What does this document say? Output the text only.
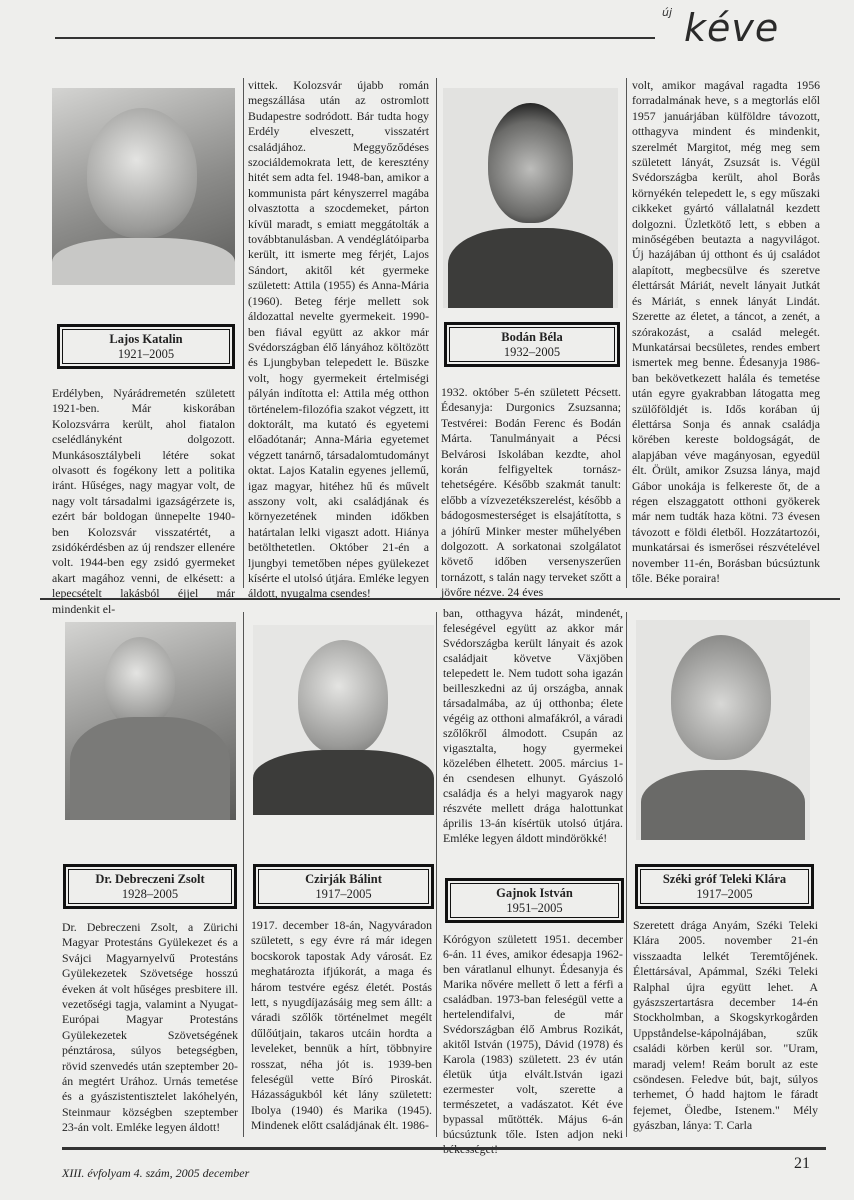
új kéve
Lajos Katalin
1921–2005
Erdélyben, Nyárádremetén született 1921-ben. Már kiskorában Kolozsvárra került, ahol fiatalon cselédlányként dolgozott. Munkásosztálybeli létére sokat olvasott és fogékony lett a politika iránt. Hűséges, nagy magyar volt, de nagy volt társadalmi igazságérzete is, ezért bár boldogan ünnepelte 1940-ben Kolozsvár visszatértét, a zsidókérdésben az új rendszer ellenére volt. 1944-ben egy zsidó gyermeket akart magához venni, de elkésett: a lepecsételt lakásból éjjel már mindenkit el-
vittek. Kolozsvár újabb román megszállása után az ostromlott Budapestre sodródott. Bár tudta hogy Erdély elveszett, visszatért családjához. Meggyőződéses szociáldemokrata lett, de keresztény hitét sem adta fel. 1948-ban, amikor a kommunista párt kényszerrel magába olvasztotta a szocdemeket, párton kívül maradt, s emiatt meggátolták a továbbtanulásban. A vendéglátóiparba került, itt ismerte meg férjét, Lajos Sándort, akitől két gyermeke született: Attila (1955) és Anna-Mária (1960). Beteg férje mellett sok áldozattal nevelte gyermekeit. 1990-ben fiával együtt az akkor már Svédországban élő lányához költözött és Ljungbyban telepedett le. Büszke volt, hogy gyermekeit értelmiségi pályán indította el: Attila még otthon történelem-filozófia szakot végzett, itt doktorált, ma kutató és egyetemi előadótanár; Anna-Mária egyetemet végzett tanárnő, társadalomtudományt oktat. Lajos Katalin egyenes jellemű, igaz magyar, hitéhez hű és művelt asszony volt, aki családjának és környezetének minden időkben határtalan lelki vigaszt adott. Hiánya betölthetetlen. Október 21-én a ljungbyi temetőben népes gyülekezet kísérte el utolsó útjára. Emléke legyen áldott, nyugalma csendes!
Bodán Béla
1932–2005
1932. október 5-én született Pécsett. Édesanyja: Durgonics Zsuzsanna; Testvérei: Bodán Ferenc és Bodán Márta. Tanulmányait a Pécsi Belvárosi Iskolában kezdte, ahol korán felfigyeltek tornász-tehetségére. Később szakmát tanult: előbb a vízvezetékszerelést, később a bádogosmesterséget is elsajátította, s a jóhírű Minker mester műhelyében dolgozott. A sorkatonai szolgálatot követő időben versenyszerűen tornázott, s talán nagy terveket szőtt a jövőre nézve. 24 éves
volt, amikor magával ragadta 1956 forradalmának heve, s a megtorlás elől 1957 januárjában külföldre távozott, otthagyva mindent és mindenkit, szerelmét Margitot, még meg sem született lányát, Zsuzsát is. Végül Svédországba került, ahol Borås környékén telepedett le, s egy műszaki cikkeket gyártó vállalatnál kezdett dolgozni. Üzletkötő lett, s ebben a minőségében beutazta a nagyvilágot. Új hazájában új otthont és új családot alapított, megbecsülve és szeretve élettársát Máriát, nevelt lányait Jutkát és Máriát, s ennek lányát Lindát. Szerette az életet, a táncot, a zenét, a szórakozást, a család melegét. Munkatársai becsületes, rendes embert ismertek meg benne. Édesanyja 1986-ban bekövetkezett halála és temetése után egyre gyakrabban látogatta meg szülőföldjét is. Idős korában új élettársa Sonja és annak családja körében kereste boldogságát, de alapjában véve magányosan, egyedül élt. Örült, amikor Zsuzsa lánya, majd Gábor unokája is felkereste őt, de a régen elszaggatott otthoni gyökerek már nem tudták haza kötni. 73 évesen távozott e földi életből. Hozzátartozói, munkatársai és ismerősei részvételével november 11-én, Borásban búcsúztunk tőle. Béke poraira!
Dr. Debreczeni Zsolt
1928–2005
Dr. Debreczeni Zsolt, a Zürichi Magyar Protestáns Gyülekezet és a Svájci Magyarnyelvű Protestáns Gyülekezetek Szövetsége hosszú éveken át volt hűséges presbitere ill. vezetőségi tagja, valamint a Nyugat-Európai Magyar Protestáns Gyülekezetek Szövetségének pénztárosa, súlyos betegségben, rövid szenvedés után szeptember 20-án megtért Urához. Urnás temetése és a gyászistentisztelet lakóhelyén, Steinmaur községben szeptember 23-án volt. Emléke legyen áldott!
Czirják Bálint
1917–2005
1917. december 18-án, Nagyváradon született, s egy évre rá már idegen bocskorok tapostak Ady városát. Ez meghatározta ifjúkorát, a maga és három testvére egész életét. Postás lett, s nyugdíjazásáig meg sem állt: a váradi szőlők történelmet megélt dűlőútjain, takaros utcáin hordta a leveleket, bennük a hírt, többnyire rosszat, néha jót is. 1939-ben feleségül vette Bíró Piroskát. Házasságukból két lány született: Ibolya (1940) és Marika (1945). Mindenek előtt családjának élt. 1986-
ban, otthagyva házát, mindenét, feleségével együtt az akkor már Svédországba került lányait és azok családjait követve Växjöben telepedett le. Nem tudott soha igazán beilleszkedni az új országba, annak társadalmába, az új otthonba; élete végéig az otthoni almafákról, a váradi szőlőkről álmodott. Csupán az vigasztalta, hogy gyermekei közelében élhetett. 2005. március 1-én csendesen elhunyt. Gyászoló családja és a helyi magyarok nagy részvéte mellett drága halottunkat április 13-án kísértük utolsó útjára. Emléke legyen áldott mindörökké!
Gajnok István
1951–2005
Kórógyon született 1951. december 6-án. 11 éves, amikor édesapja 1962-ben váratlanul elhunyt. Édesanyja és Marika nővére mellett ő lett a férfi a családban. 1973-ban feleségül vette a hertelendifalvi, de már Svédországban élő Ambrus Rozikát, akitől István (1975), Dávid (1978) és Karola (1983) született. 23 év után életük útja elvált.István igazi ezermester volt, szerette a természetet, a vadászatot. Két éve bypassal műtötték. Május 6-án búcsúztunk tőle. Isten adjon neki
Széki gróf Teleki Klára
1917–2005
Szeretett drága Anyám, Széki Teleki Klára 2005. november 21-én visszaadta lelkét Teremtőjének. Élettársával, Apámmal, Széki Teleki Ralphal újra együtt lehet. A gyászszertartásra december 14-én Stockholmban, a Skogskyrkogården Uppståndelse-kápolnájában, szűk családi körben kerül sor. "Uram, maradj velem! Reám borult az este csöndesen. Feledve bút, bajt, súlyos terhemet, Ó hadd hajtom le fáradt fejemet, Öledbe, Istenem." Mély gyászban, lánya: T. Carla
XIII. évfolyam 4. szám, 2005 december
21
